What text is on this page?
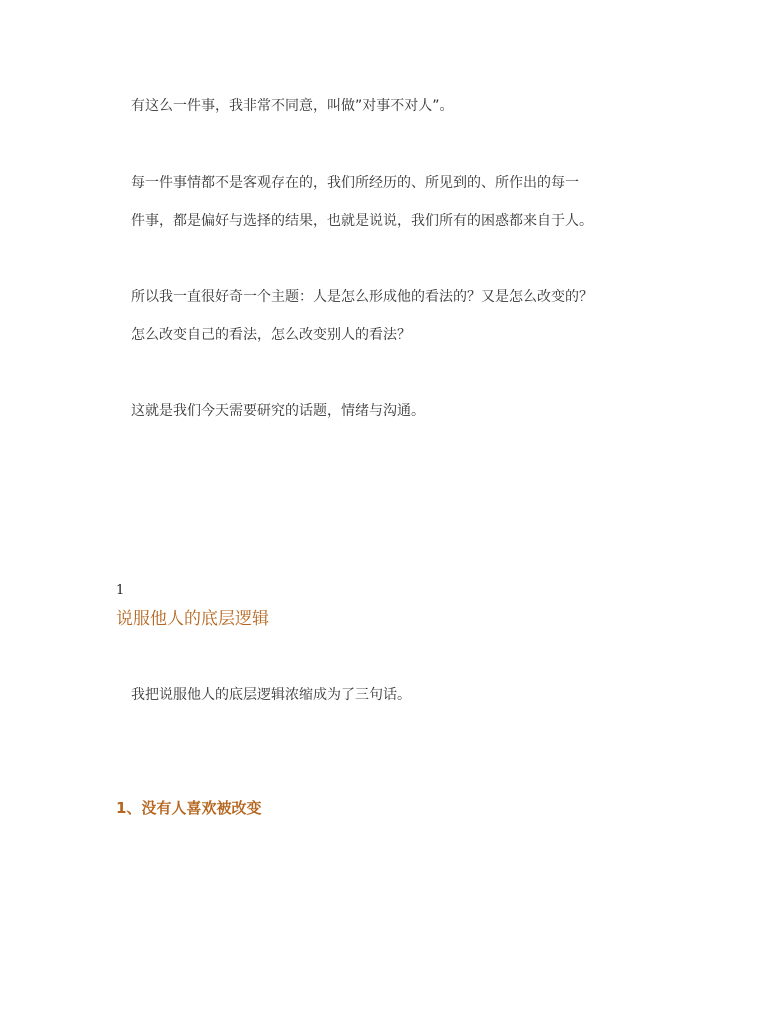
有这么一件事，我非常不同意，叫做”对事不对人”。
每一件事情都不是客观存在的，我们所经历的、所见到的、所作出的每一
件事，都是偏好与选择的结果，也就是说说，我们所有的困惑都来自于人。
所以我一直很好奇一个主题：人是怎么形成他的看法的？又是怎么改变的？
怎么改变自己的看法，怎么改变别人的看法？
这就是我们今天需要研究的话题，情绪与沟通。
1
说服他人的底层逻辑
我把说服他人的底层逻辑浓缩成为了三句话。
1、没有人喜欢被改变
